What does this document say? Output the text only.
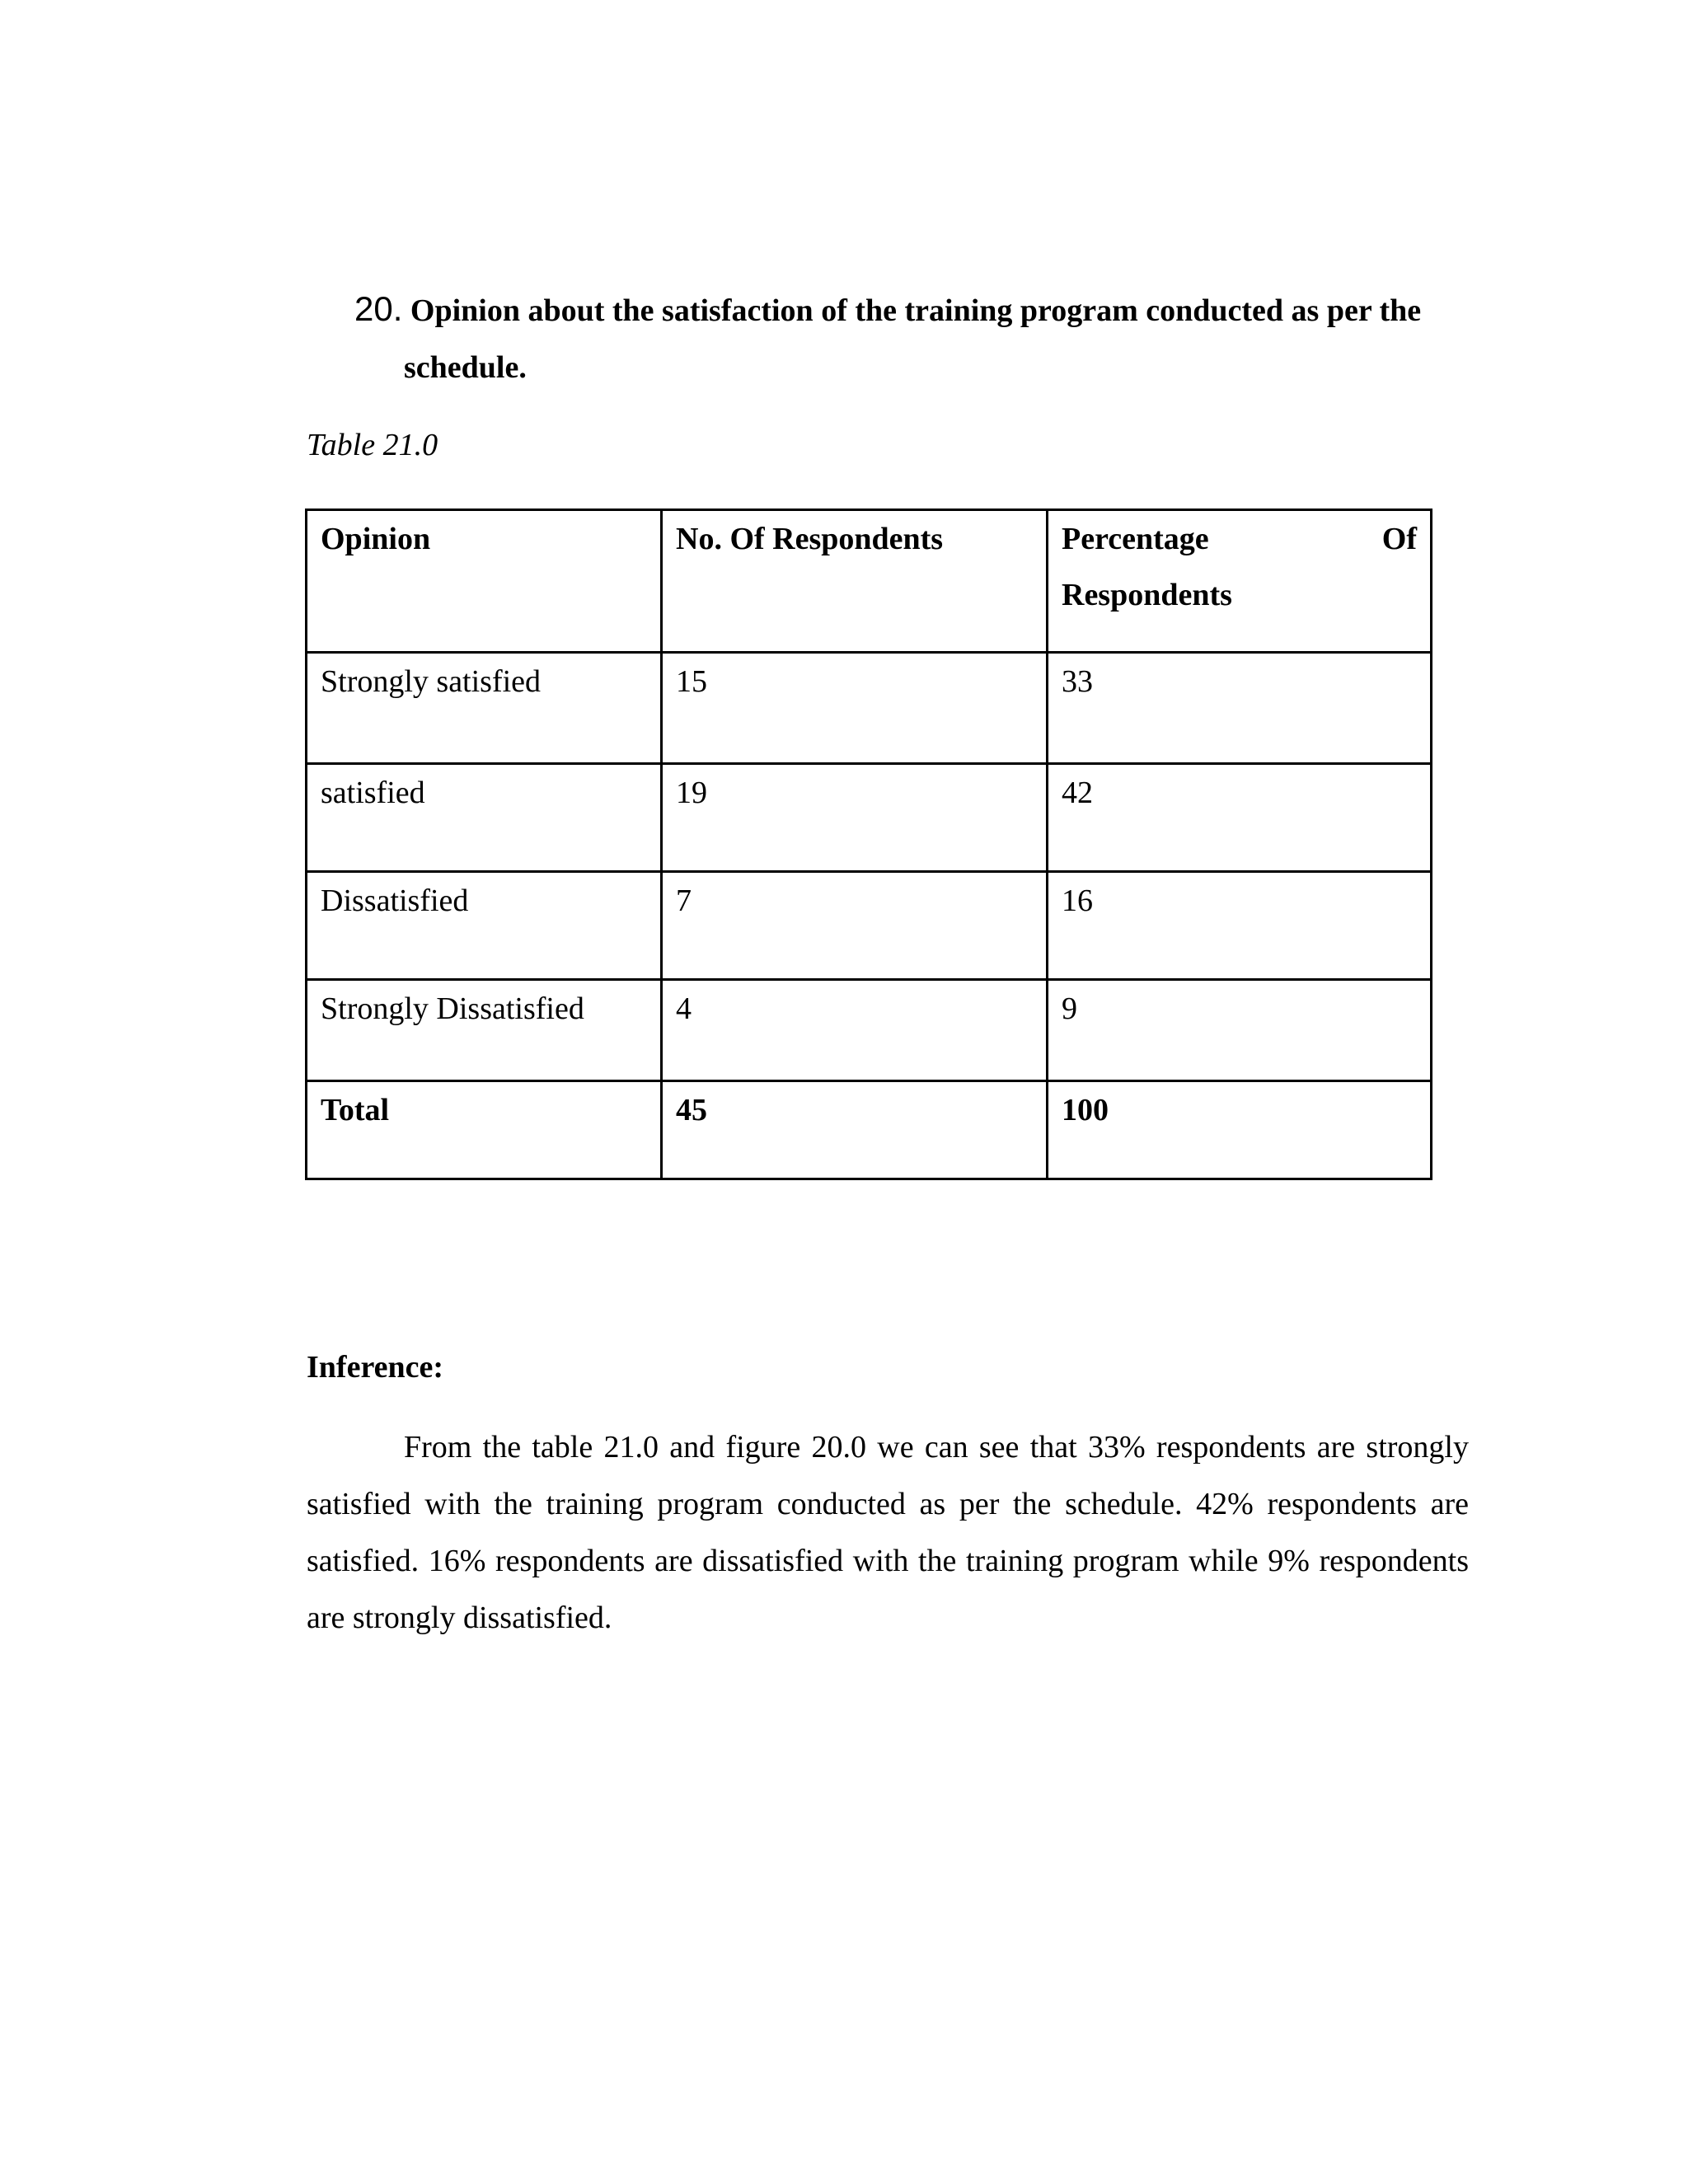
20. Opinion about the satisfaction of the training program conducted as per the
schedule.
Table 21.0
Opinion	No. Of Respondents	Percentage Of
Respondents

Strongly satisfied	15	33
satisfied	19	42
Dissatisfied	7	16
Strongly Dissatisfied	4	9
Total	45	100
Inference:

From the table 21.0 and figure 20.0 we can see that 33% respondents are strongly satisfied with the training program conducted as per the schedule. 42% respondents are satisfied. 16% respondents are dissatisfied with the training program while 9% respondents are strongly dissatisfied.
